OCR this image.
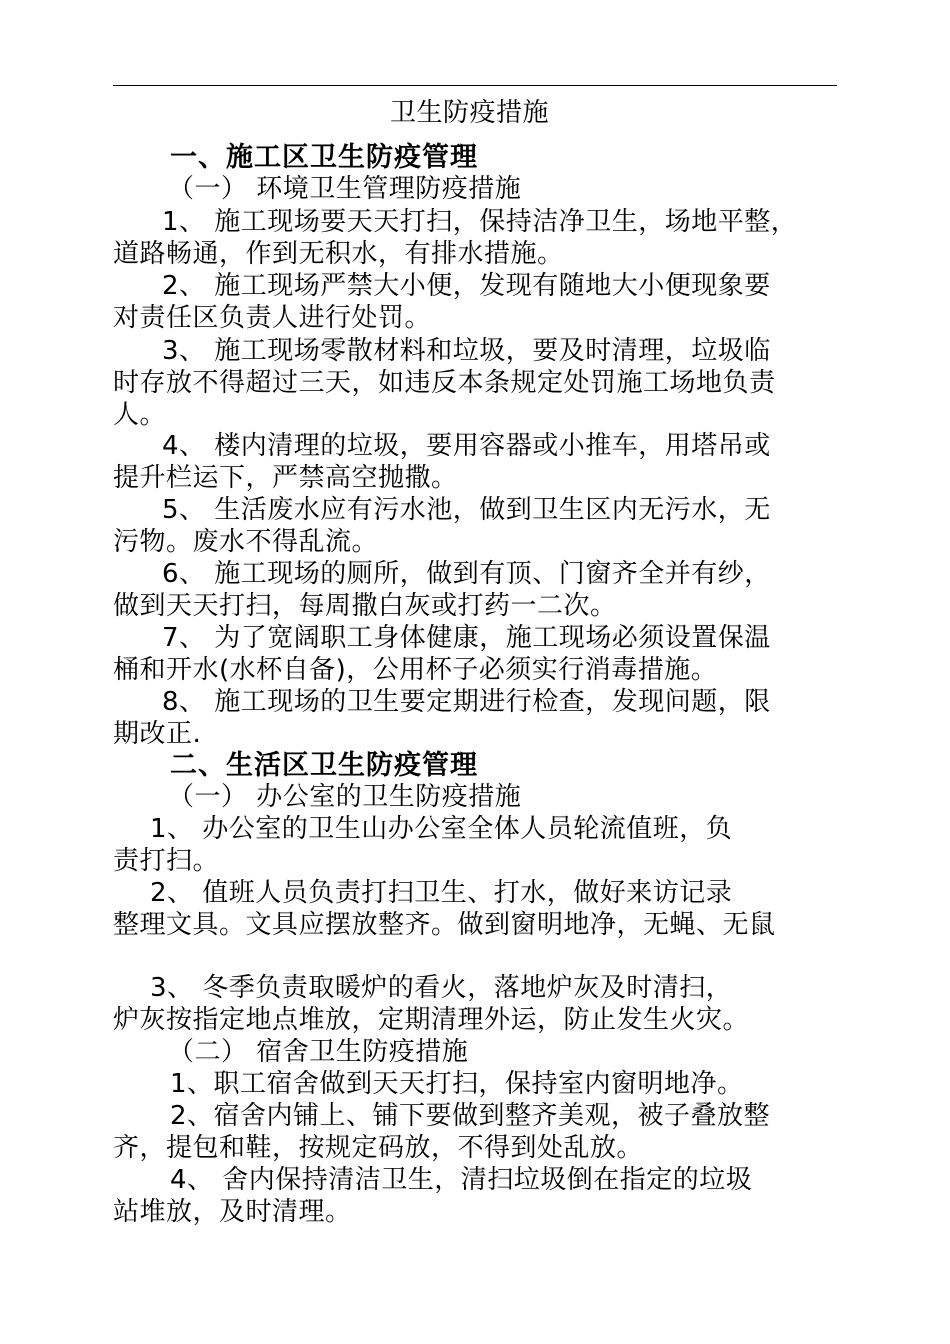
卫生防疫措施
一、施工区卫生防疫管理
（一） 环境卫生管理防疫措施
1、 施工现场要天天打扫，保持洁净卫生，场地平整，
道路畅通，作到无积水，有排水措施。
2、 施工现场严禁大小便，发现有随地大小便现象要
对责任区负责人进行处罚。
3、 施工现场零散材料和垃圾，要及时清理，垃圾临
时存放不得超过三天，如违反本条规定处罚施工场地负责
人。
4、 楼内清理的垃圾，要用容器或小推车，用塔吊或
提升栏运下，严禁高空抛撒。
5、 生活废水应有污水池，做到卫生区内无污水，无
污物。废水不得乱流。
6、 施工现场的厕所，做到有顶、门窗齐全并有纱，
做到天天打扫，每周撒白灰或打药一二次。
7、 为了宽阔职工身体健康，施工现场必须设置保温
桶和开水(水杯自备)，公用杯子必须实行消毒措施。
8、 施工现场的卫生要定期进行检查，发现问题，限
期改正.
二、生活区卫生防疫管理
（一） 办公室的卫生防疫措施
1、 办公室的卫生山办公室全体人员轮流值班，负
责打扫。
2、 值班人员负责打扫卫生、打水，做好来访记录
整理文具。文具应摆放整齐。做到窗明地净，无蝇、无鼠
3、 冬季负责取暖炉的看火，落地炉灰及时清扫，
炉灰按指定地点堆放，定期清理外运，防止发生火灾。
（二） 宿舍卫生防疫措施
1、职工宿舍做到天天打扫，保持室内窗明地净。
2、宿舍内铺上、铺下要做到整齐美观，被子叠放整
齐，提包和鞋，按规定码放，不得到处乱放。
4、 舍内保持清洁卫生，清扫垃圾倒在指定的垃圾
站堆放，及时清理。
